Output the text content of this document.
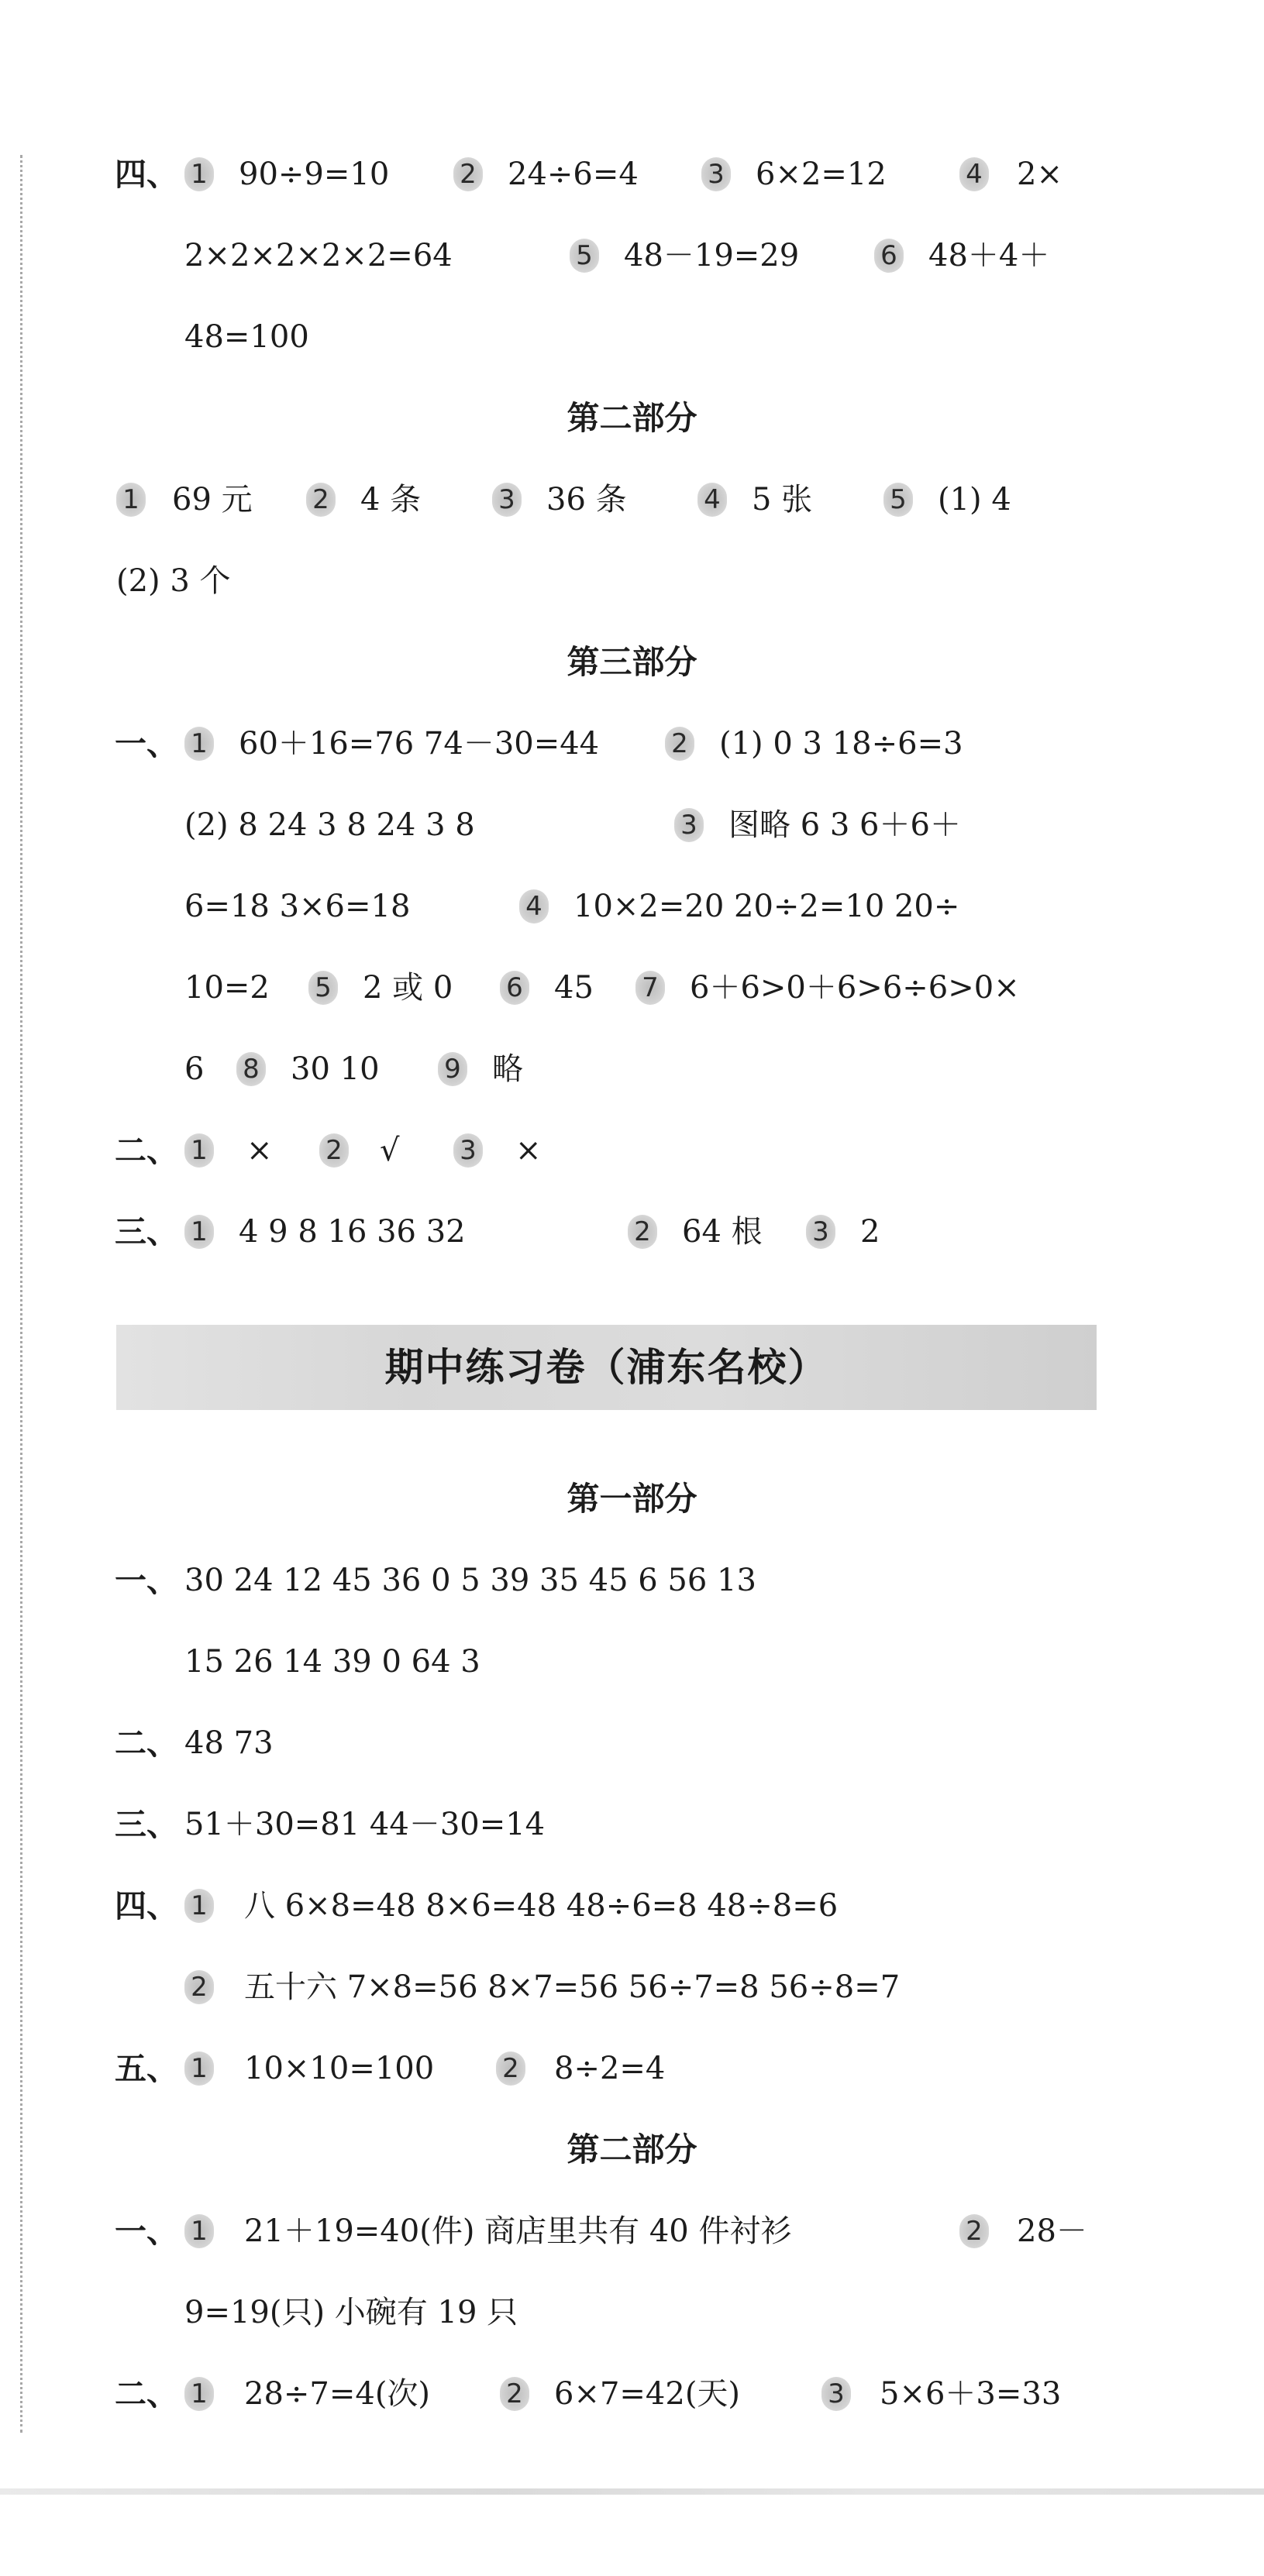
四、 1 90÷9=10	2 24÷6=4	3 6×2=12	4 2×
2×2×2×2×2=64	5 48－19=29	6 48＋4＋
48=100
第二部分
1 69 元 2 4 条	3 36 条	4 5 张	5 (1) 4
(2) 3 个
第三部分
一、 1 60＋16=76 74－30=44	2 (1) 0 3 18÷6=3
(2) 8 24 3 8 24 3 8	3 图略 6 3 6＋6＋
6=18 3×6=18	4 10×2=20 20÷2=10 20÷
10=2 5 2 或 0 6 45 7 6＋6>0＋6>6÷6>0×
6 8 30 10 9 略
二、 1 × 2 √ 3 ×
三、 1 4 9 8 16 36 32	2 64 根 3 2
期中练习卷（浦东名校）
第一部分
一、 30 24 12 45 36 0 5 39 35 45 6 56 13
15 26 14 39 0 64 3
二、 48 73
三、 51＋30=81 44－30=14
四、 1 八 6×8=48 8×6=48 48÷6=8 48÷8=6
2 五十六 7×8=56 8×7=56 56÷7=8 56÷8=7
五、 1 10×10=100	2 8÷2=4
第二部分
一、 1 21＋19=40(件) 商店里共有 40 件衬衫	2 28－
9=19(只) 小碗有 19 只
二、 1 28÷7=4(次)	2 6×7=42(天)	3 5×6＋3=33
